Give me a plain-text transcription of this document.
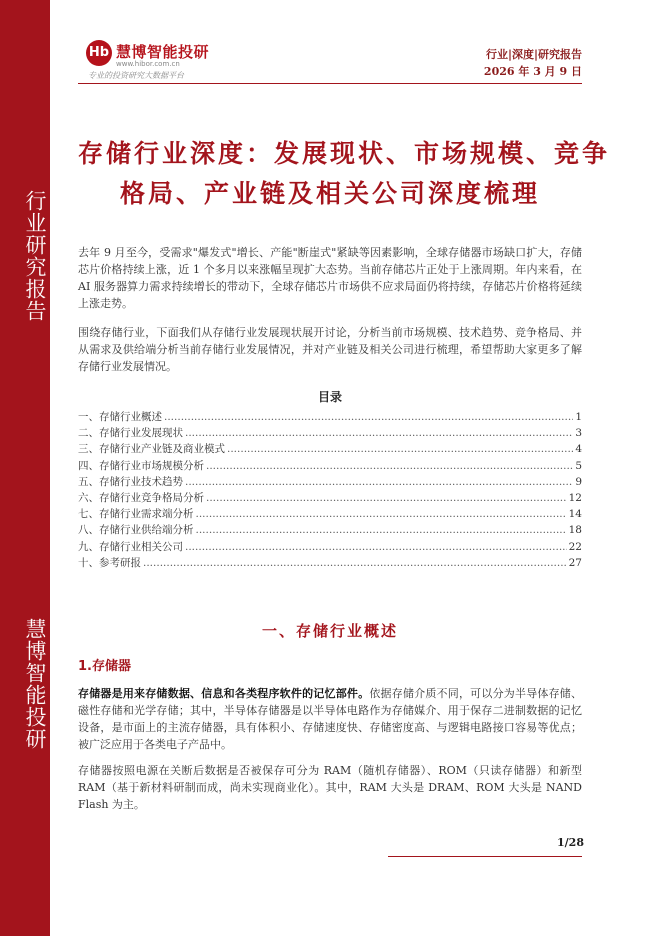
行业研究报告
慧博智能投研
Hb 慧博智能投研
www.hibor.com.cn
专业的投资研究大数据平台
行业|深度|研究报告
2026 年 3 月 9 日
存储行业深度：发展现状、市场规模、竞争
格局、产业链及相关公司深度梳理

去年 9 月至今，受需求"爆发式"增长、产能"断崖式"紧缺等因素影响，全球存储器市场缺口扩大，存储芯片价格持续上涨，近 1 个多月以来涨幅呈现扩大态势。当前存储芯片正处于上涨周期。年内来看，在 AI 服务器算力需求持续增长的带动下，全球存储芯片市场供不应求局面仍将持续，存储芯片价格将延续上涨走势。

围绕存储行业，下面我们从存储行业发展现状展开讨论，分析当前市场规模、技术趋势、竞争格局、并从需求及供给端分析当前存储行业发展情况，并对产业链及相关公司进行梳理，希望帮助大家更多了解存储行业发展情况。

目录
一、存储行业概述 .....	1
二、存储行业发展现状 .....	3
三、存储行业产业链及商业模式 .....	4
四、存储行业市场规模分析 .....	5
五、存储行业技术趋势 .....	9
六、存储行业竞争格局分析 .....	12
七、存储行业需求端分析 .....	14
八、存储行业供给端分析 .....	18
九、存储行业相关公司 .....	22
十、参考研报 .....	27
一、存储行业概述
1.存储器

存储器是用来存储数据、信息和各类程序软件的记忆部件。依据存储介质不同，可以分为半导体存储、磁性存储和光学存储；其中，半导体存储器是以半导体电路作为存储媒介、用于保存二进制数据的记忆设备，是市面上的主流存储器，具有体积小、存储速度快、存储密度高、与逻辑电路接口容易等优点；被广泛应用于各类电子产品中。

存储器按照电源在关断后数据是否被保存可分为 RAM（随机存储器）、ROM（只读存储器）和新型 RAM（基于新材料研制而成，尚未实现商业化）。其中，RAM 大头是 DRAM、ROM 大头是 NAND Flash 为主。

1/28
